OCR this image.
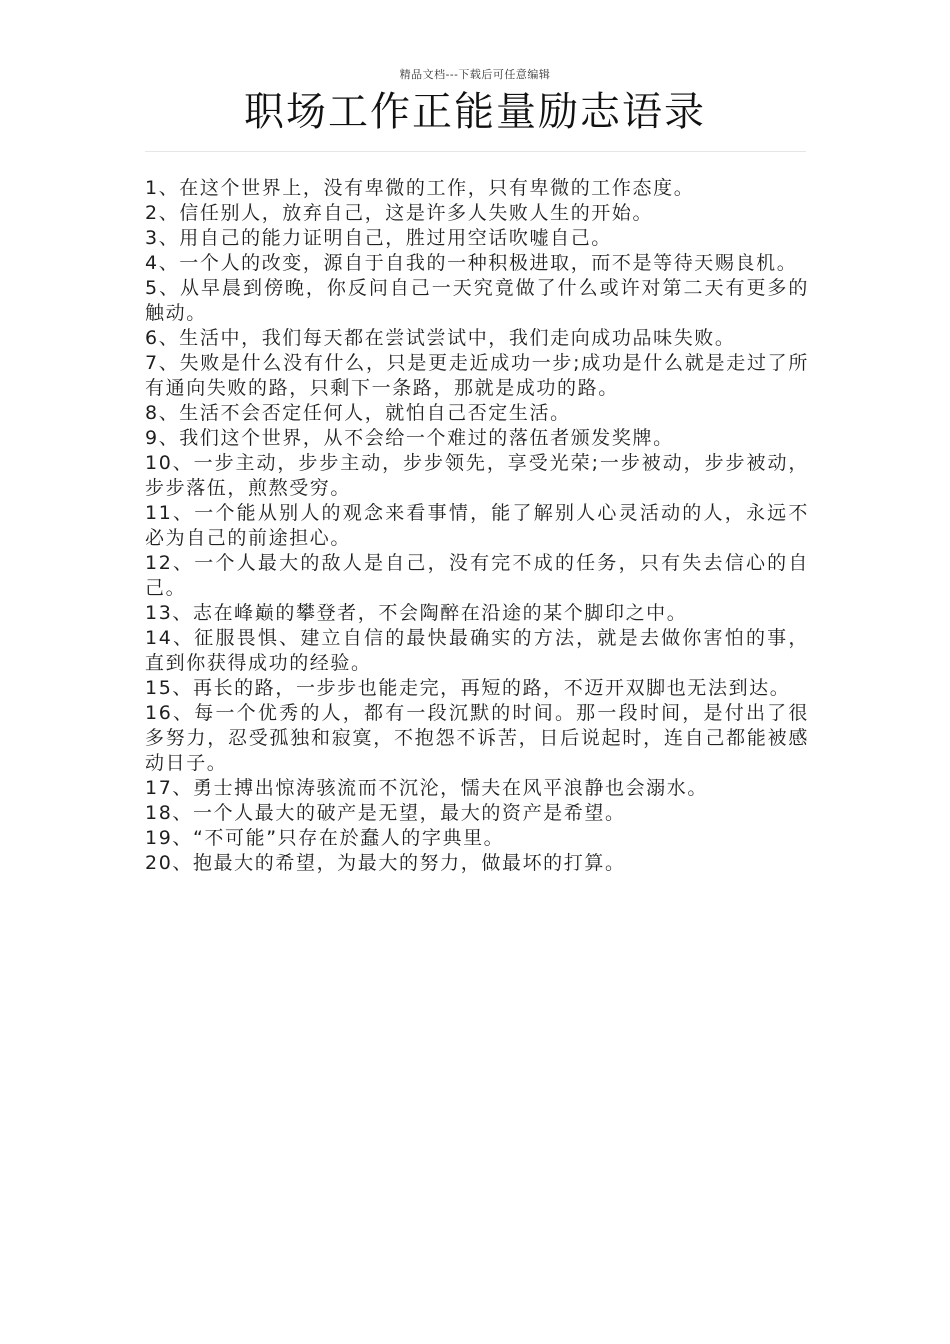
精品文档---下载后可任意编辑
职场工作正能量励志语录
1、在这个世界上，没有卑微的工作，只有卑微的工作态度。
2、信任别人，放弃自己，这是许多人失败人生的开始。
3、用自己的能力证明自己，胜过用空话吹嘘自己。
4、一个人的改变，源自于自我的一种积极进取，而不是等待天赐良机。
5、从早晨到傍晚，你反问自己一天究竟做了什么或许对第二天有更多的触动。
6、生活中，我们每天都在尝试尝试中，我们走向成功品味失败。
7、失败是什么没有什么，只是更走近成功一步;成功是什么就是走过了所有通向失败的路，只剩下一条路，那就是成功的路。
8、生活不会否定任何人，就怕自己否定生活。
9、我们这个世界，从不会给一个难过的落伍者颁发奖牌。
10、一步主动，步步主动，步步领先，享受光荣;一步被动，步步被动，步步落伍，煎熬受穷。
11、一个能从别人的观念来看事情，能了解别人心灵活动的人，永远不必为自己的前途担心。
12、一个人最大的敌人是自己，没有完不成的任务，只有失去信心的自己。
13、志在峰巅的攀登者，不会陶醉在沿途的某个脚印之中。
14、征服畏惧、建立自信的最快最确实的方法，就是去做你害怕的事，直到你获得成功的经验。
15、再长的路，一步步也能走完，再短的路，不迈开双脚也无法到达。
16、每一个优秀的人，都有一段沉默的时间。那一段时间，是付出了很多努力，忍受孤独和寂寞，不抱怨不诉苦，日后说起时，连自己都能被感动日子。
17、勇士搏出惊涛骇流而不沉沦，懦夫在风平浪静也会溺水。
18、一个人最大的破产是无望，最大的资产是希望。
19、“不可能”只存在於蠢人的字典里。
20、抱最大的希望，为最大的努力，做最坏的打算。
